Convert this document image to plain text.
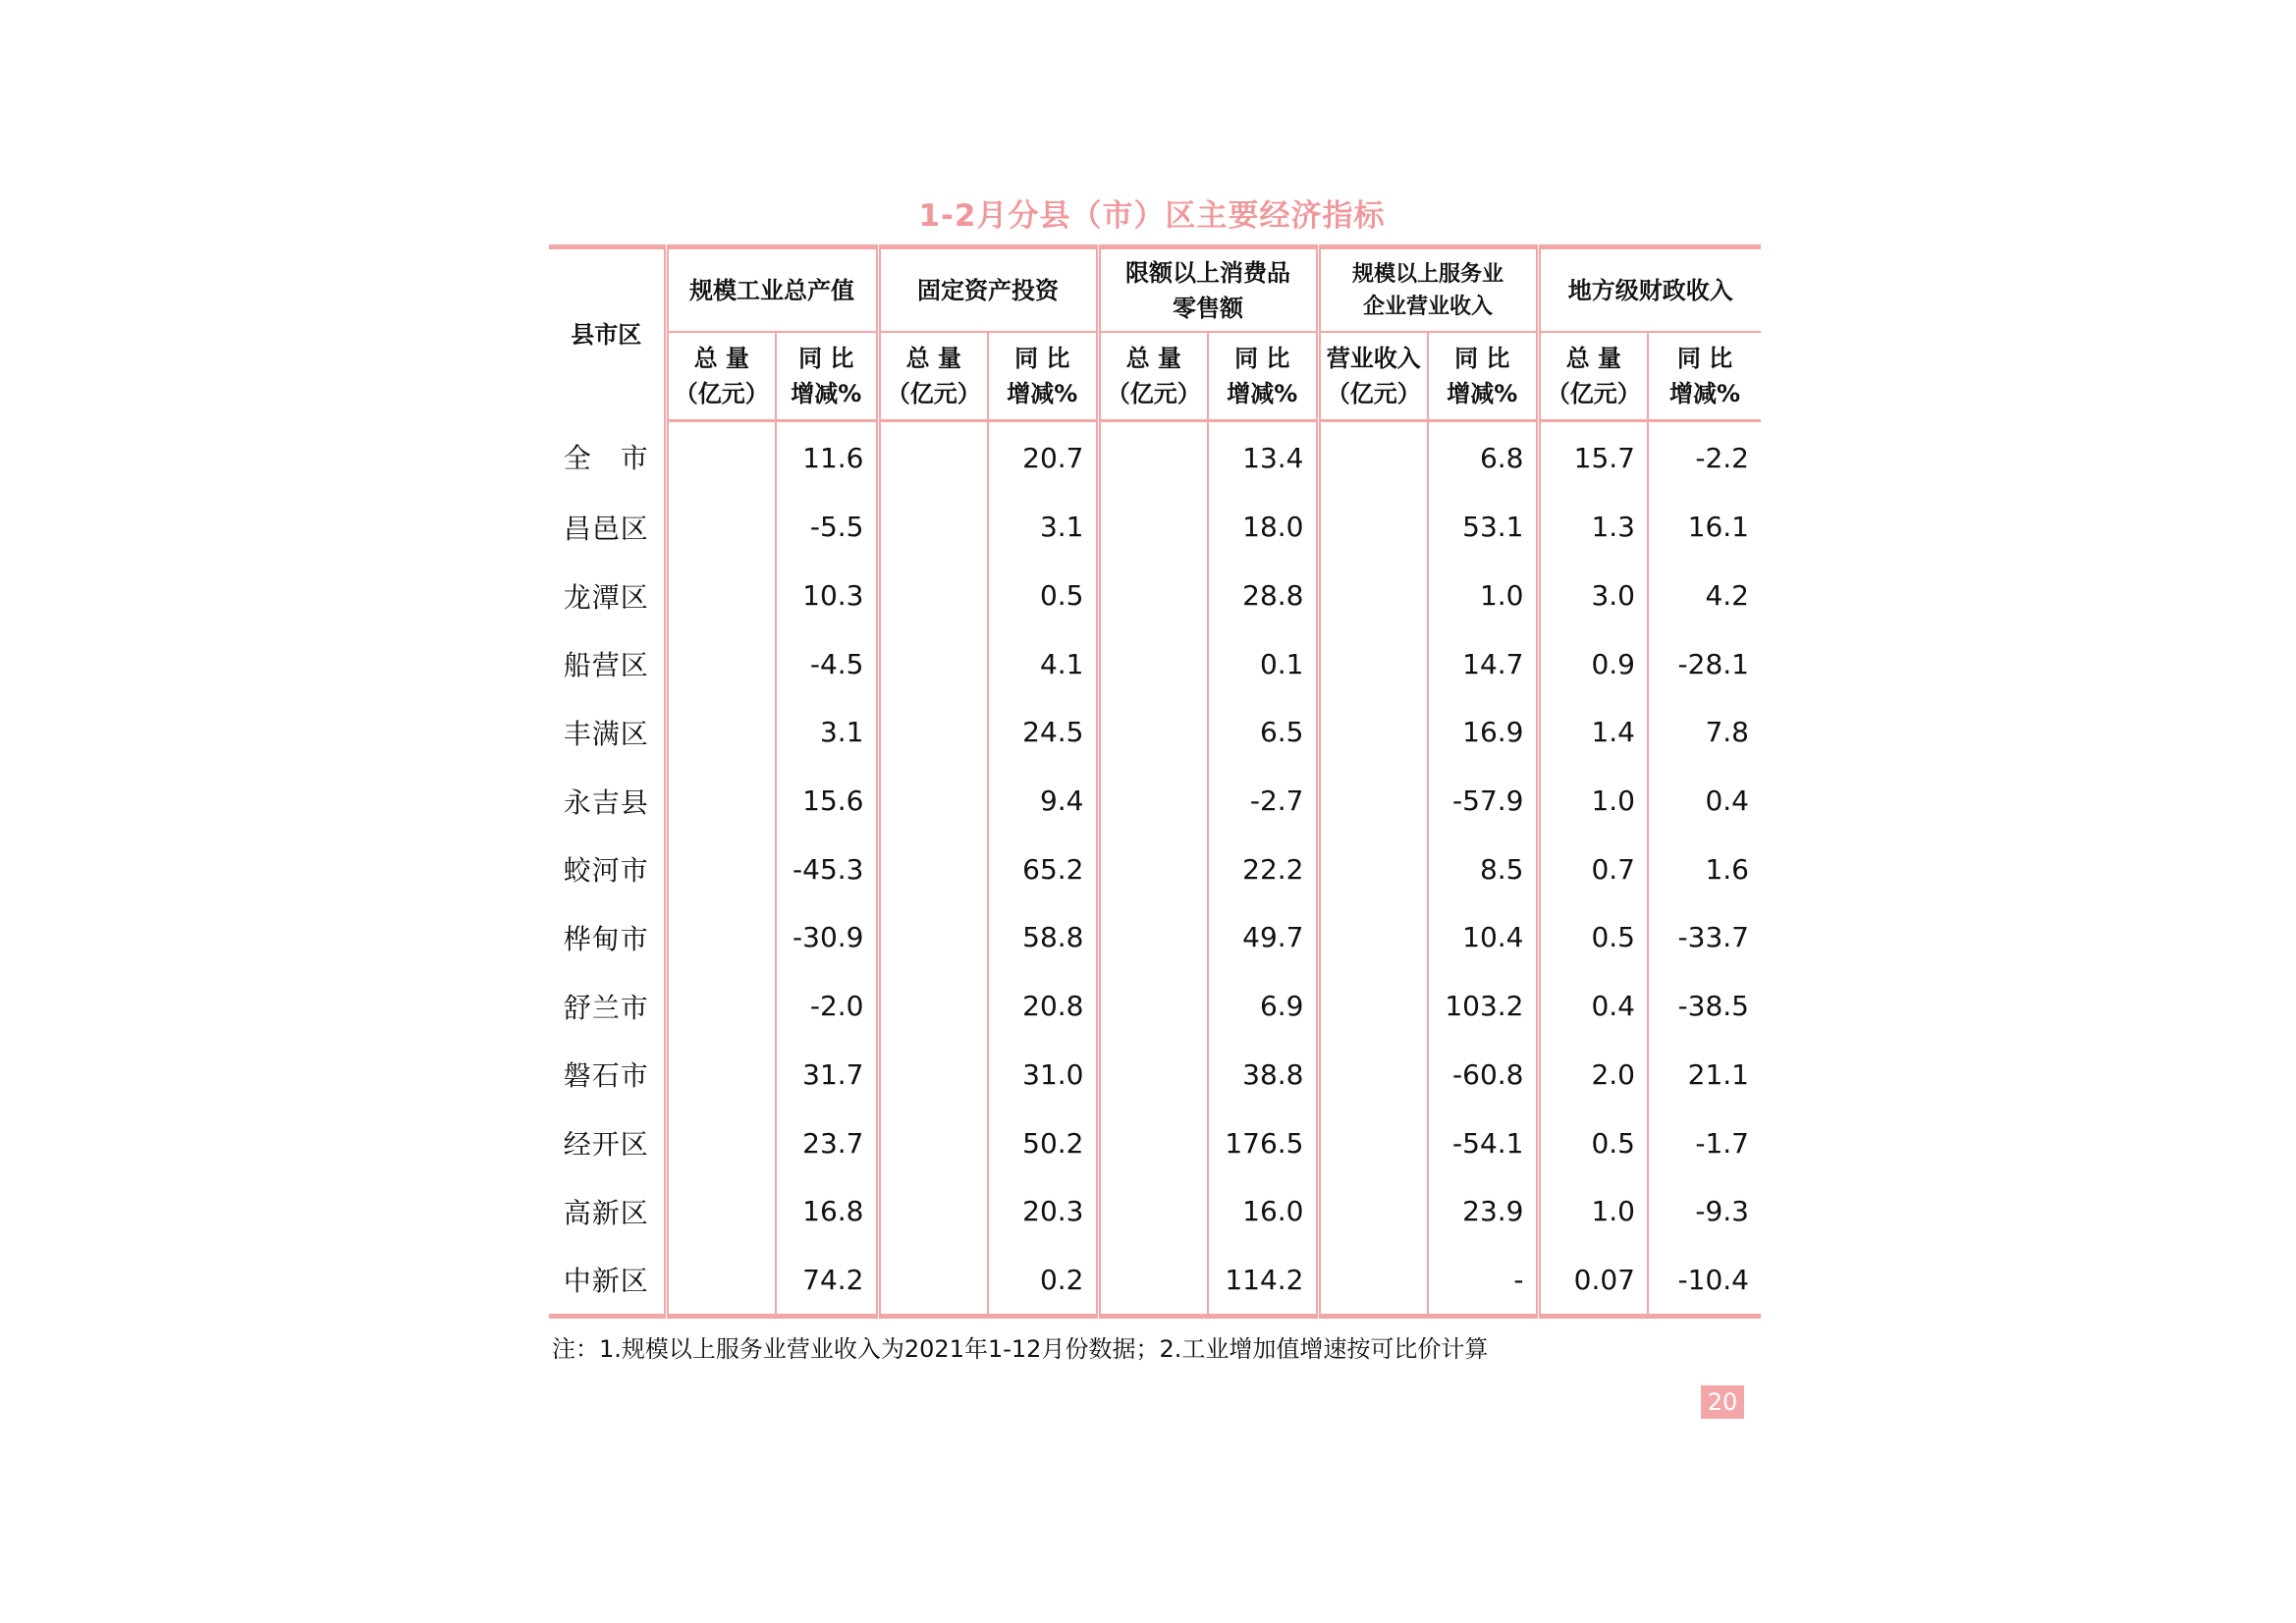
1-2月分县（市）区主要经济指标
县市区	规模工业总产值		固定资产投资		限额以上消费品零售额		规模以上服务业企业营业收入		地方级财政收入	

	总 量（亿元）	同 比增减%	总 量（亿元）	同 比增减%	总 量（亿元）	同 比增减%	营业收入（亿元）	同 比增减%	总 量（亿元）	同 比增减%

全　市		11.6		20.7		13.4		6.8	15.7	-2.2
昌邑区		-5.5		3.1		18.0		53.1	1.3	16.1
龙潭区		10.3		0.5		28.8		1.0	3.0	4.2
船营区		-4.5		4.1		0.1		14.7	0.9	-28.1
丰满区		3.1		24.5		6.5		16.9	1.4	7.8
永吉县		15.6		9.4		-2.7		-57.9	1.0	0.4
蛟河市		-45.3		65.2		22.2		8.5	0.7	1.6
桦甸市		-30.9		58.8		49.7		10.4	0.5	-33.7
舒兰市		-2.0		20.8		6.9		103.2	0.4	-38.5
磐石市		31.7		31.0		38.8		-60.8	2.0	21.1
经开区		23.7		50.2		176.5		-54.1	0.5	-1.7
高新区		16.8		20.3		16.0		23.9	1.0	-9.3
中新区		74.2		0.2		114.2		-	0.07	-10.4
注：1.规模以上服务业营业收入为2021年1-12月份数据；2.工业增加值增速按可比价计算
20
